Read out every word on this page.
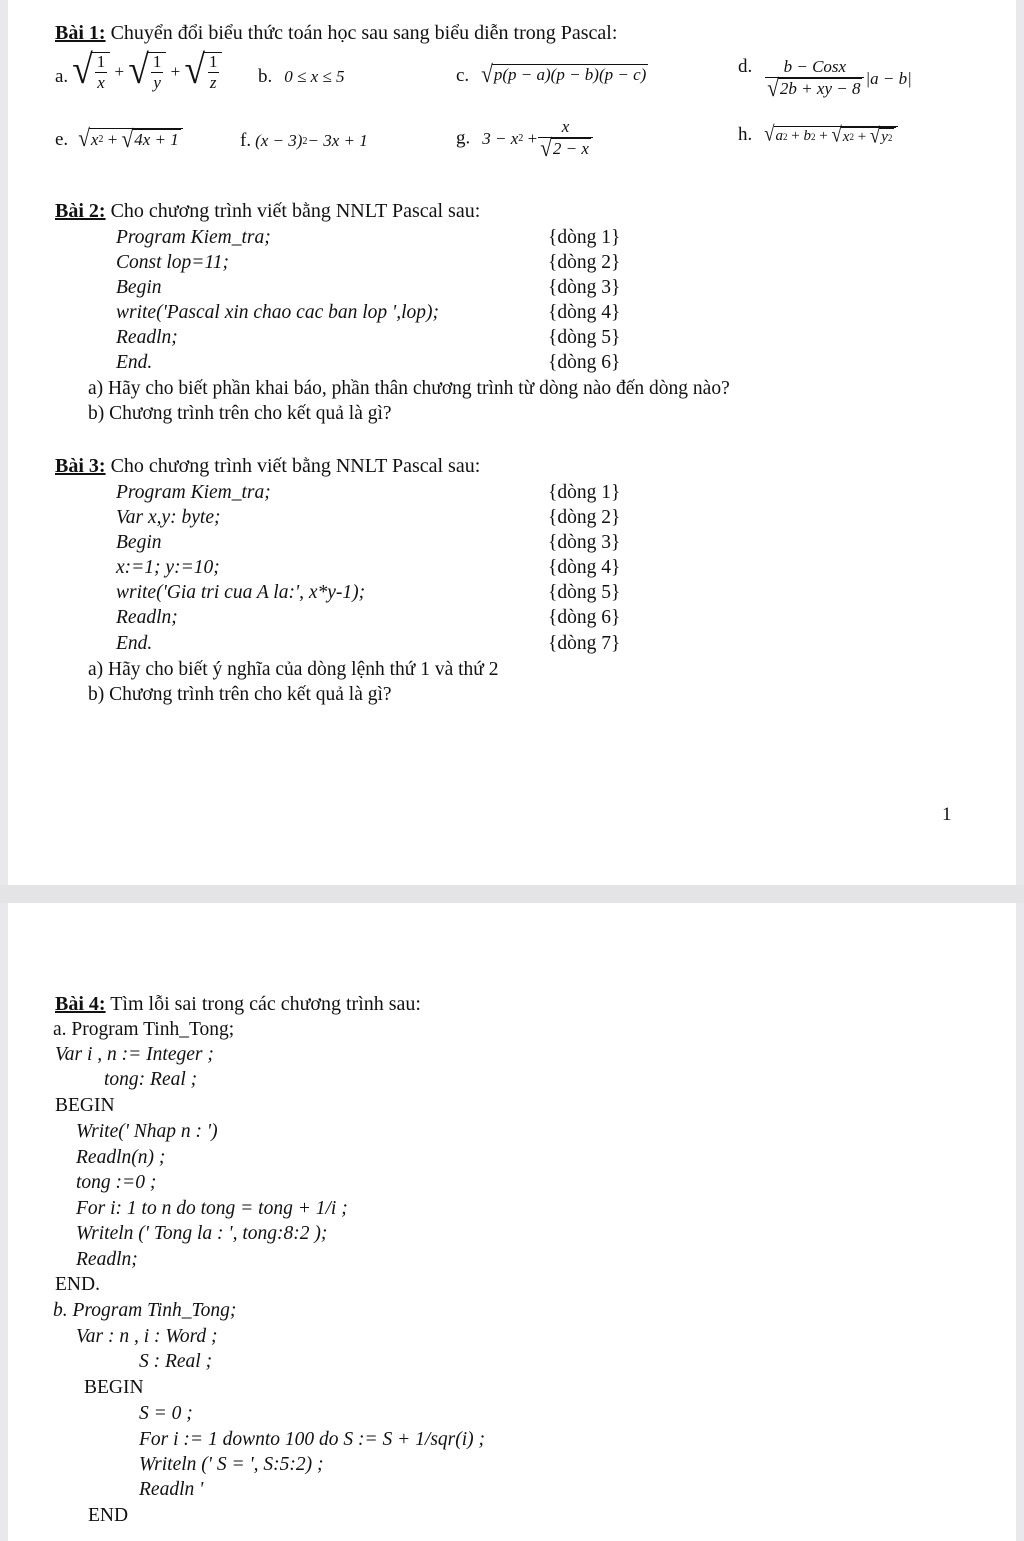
Bài 1: Chuyển đổi biểu thức toán học sau sang biểu diễn trong Pascal:
a. √ $\frac{1}{x}$ + √ $\frac{1}{y}$ + √ $\frac{1}{z} b$. 0 ≤ x ≤ 5	c. √ p(p − a)(p − b)(p − c)	d. $\frac{\text{b − Cosx}}{√ 2b + xy - 8} |a - b|$
e. √ x 2 + √ 4x + 1	f. (x − 3) 2 − 3x + 1	g. 3 − x $2 + \frac{x}{√ 2 - x}$	h. √ a 2 + b 2 + √ x 2 + √ y 2
Bài 2: Cho chương trình viết bằng NNLT Pascal sau:
Program Kiem_tra;	{dòng 1}
Const lop=11;	{dòng 2}
Begin	{dòng 3}
write('Pascal xin chao cac ban lop ',lop);	{dòng 4}
Readln;	{dòng 5}
End.	{dòng 6}
a) Hãy cho biết phần khai báo, phần thân chương trình từ dòng nào đến dòng nào?
b) Chương trình trên cho kết quả là gì?
Bài 3: Cho chương trình viết bằng NNLT Pascal sau:
Program Kiem_tra;	{dòng 1}
Var x,y: byte;	{dòng 2}
Begin	{dòng 3}
x:=1; y:=10;	{dòng 4}
write('Gia tri cua A la:', x*y-1);	{dòng 5}
Readln;	{dòng 6}
End.	{dòng 7}
a) Hãy cho biết ý nghĩa của dòng lệnh thứ 1 và thứ 2
b) Chương trình trên cho kết quả là gì?
1
Bài 4: Tìm lỗi sai trong các chương trình sau:
a. Program Tinh_Tong;
Var i , n := Integer ;
tong: Real ;
BEGIN
Write(' Nhap n : ')
Readln(n) ;
tong :=0 ;
For i: 1 to n do tong = tong + 1/i ;
Writeln (' Tong la : ', tong:8:2 );
Readln;
END.
b. Program Tinh_Tong;
Var : n , i : Word ;
S : Real ;
BEGIN
S = 0 ;
For i := 1 downto 100 do S := S + 1/sqr(i) ;
Writeln (' S = ', S:5:2) ;
Readln '
END
